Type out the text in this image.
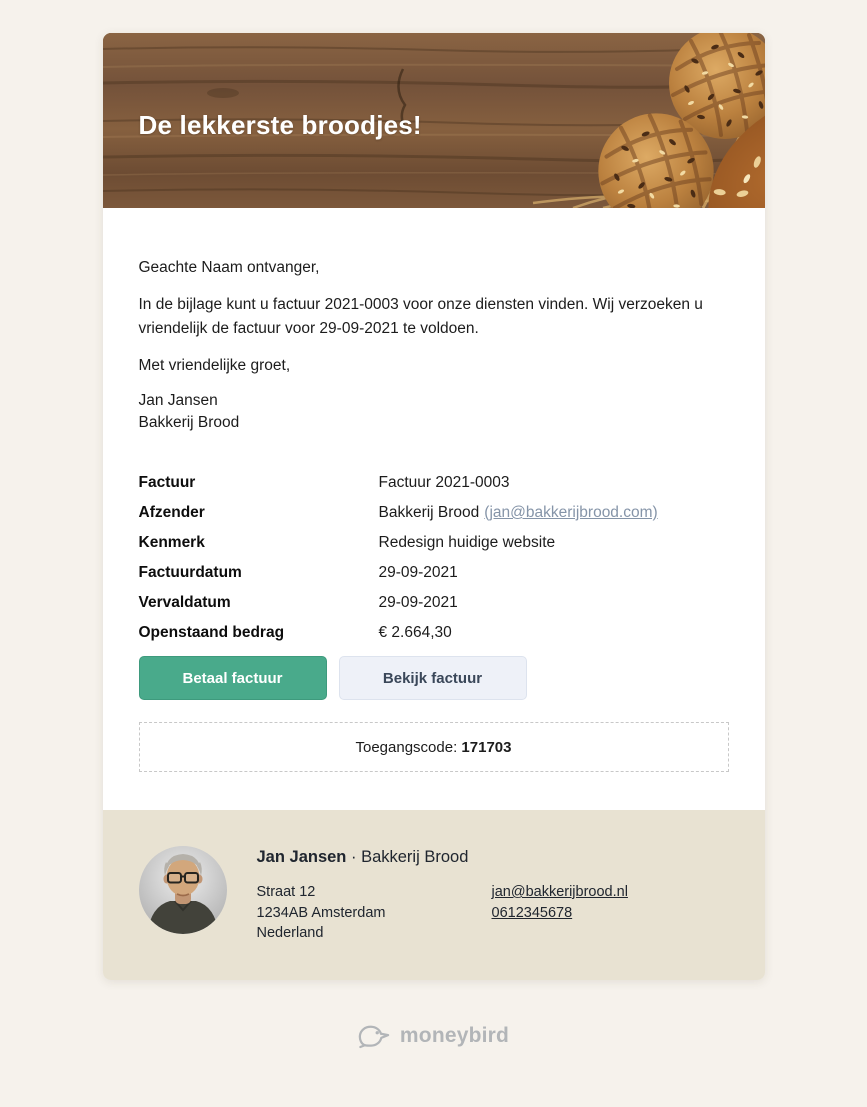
De lekkerste broodjes!

Geachte Naam ontvanger,

In de bijlage kunt u factuur 2021-0003 voor onze diensten vinden. Wij verzoeken u vriendelijk de factuur voor 29-09-2021 te voldoen.

Met vriendelijke groet,

Jan Jansen
Bakkerij Brood
Factuur	Factuur 2021-0003
Afzender	Bakkerij Brood (jan@bakkerijbrood.com)
Kenmerk	Redesign huidige website
Factuurdatum	29-09-2021
Vervaldatum	29-09-2021
Openstaand bedrag	€ 2.664,30
Betaal factuur	Bekijk factuur
Toegangscode: 171703
Jan Jansen · Bakkerij Brood
Straat 12
1234AB Amsterdam
Nederland
jan@bakkerijbrood.nl
0612345678
moneybird
